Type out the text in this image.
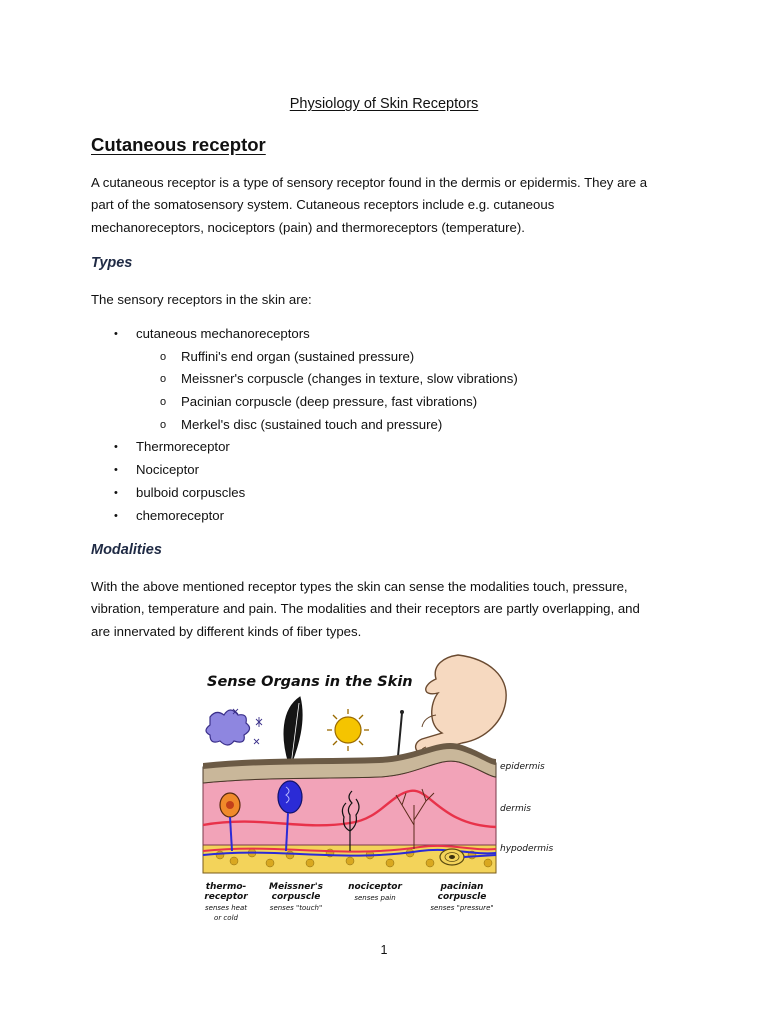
Physiology of Skin Receptors
Cutaneous receptor

A cutaneous receptor is a type of sensory receptor found in the dermis or epidermis. They are a
part of the somatosensory system. Cutaneous receptors include e.g. cutaneous
mechanoreceptors, nociceptors (pain) and thermoreceptors (temperature).

Types

The sensory receptors in the skin are:

• cutaneous mechanoreceptors
o Ruffini's end organ (sustained pressure)
o Meissner's corpuscle (changes in texture, slow vibrations)
o Pacinian corpuscle (deep pressure, fast vibrations)
o Merkel's disc (sustained touch and pressure)
• Thermoreceptor
• Nociceptor
• bulboid corpuscles
• chemoreceptor
Modalities

With the above mentioned receptor types the skin can sense the modalities touch, pressure,
vibration, temperature and pain. The modalities and their receptors are partly overlapping, and
are innervated by different kinds of fiber types.

Sense Organs in the Skin
epidermis
dermis
hypodermis
thermo-
receptor
senses heat
or cold
Meissner's
corpuscle
senses "touch"
nociceptor
senses pain
pacinian
corpuscle
senses "pressure"
1
